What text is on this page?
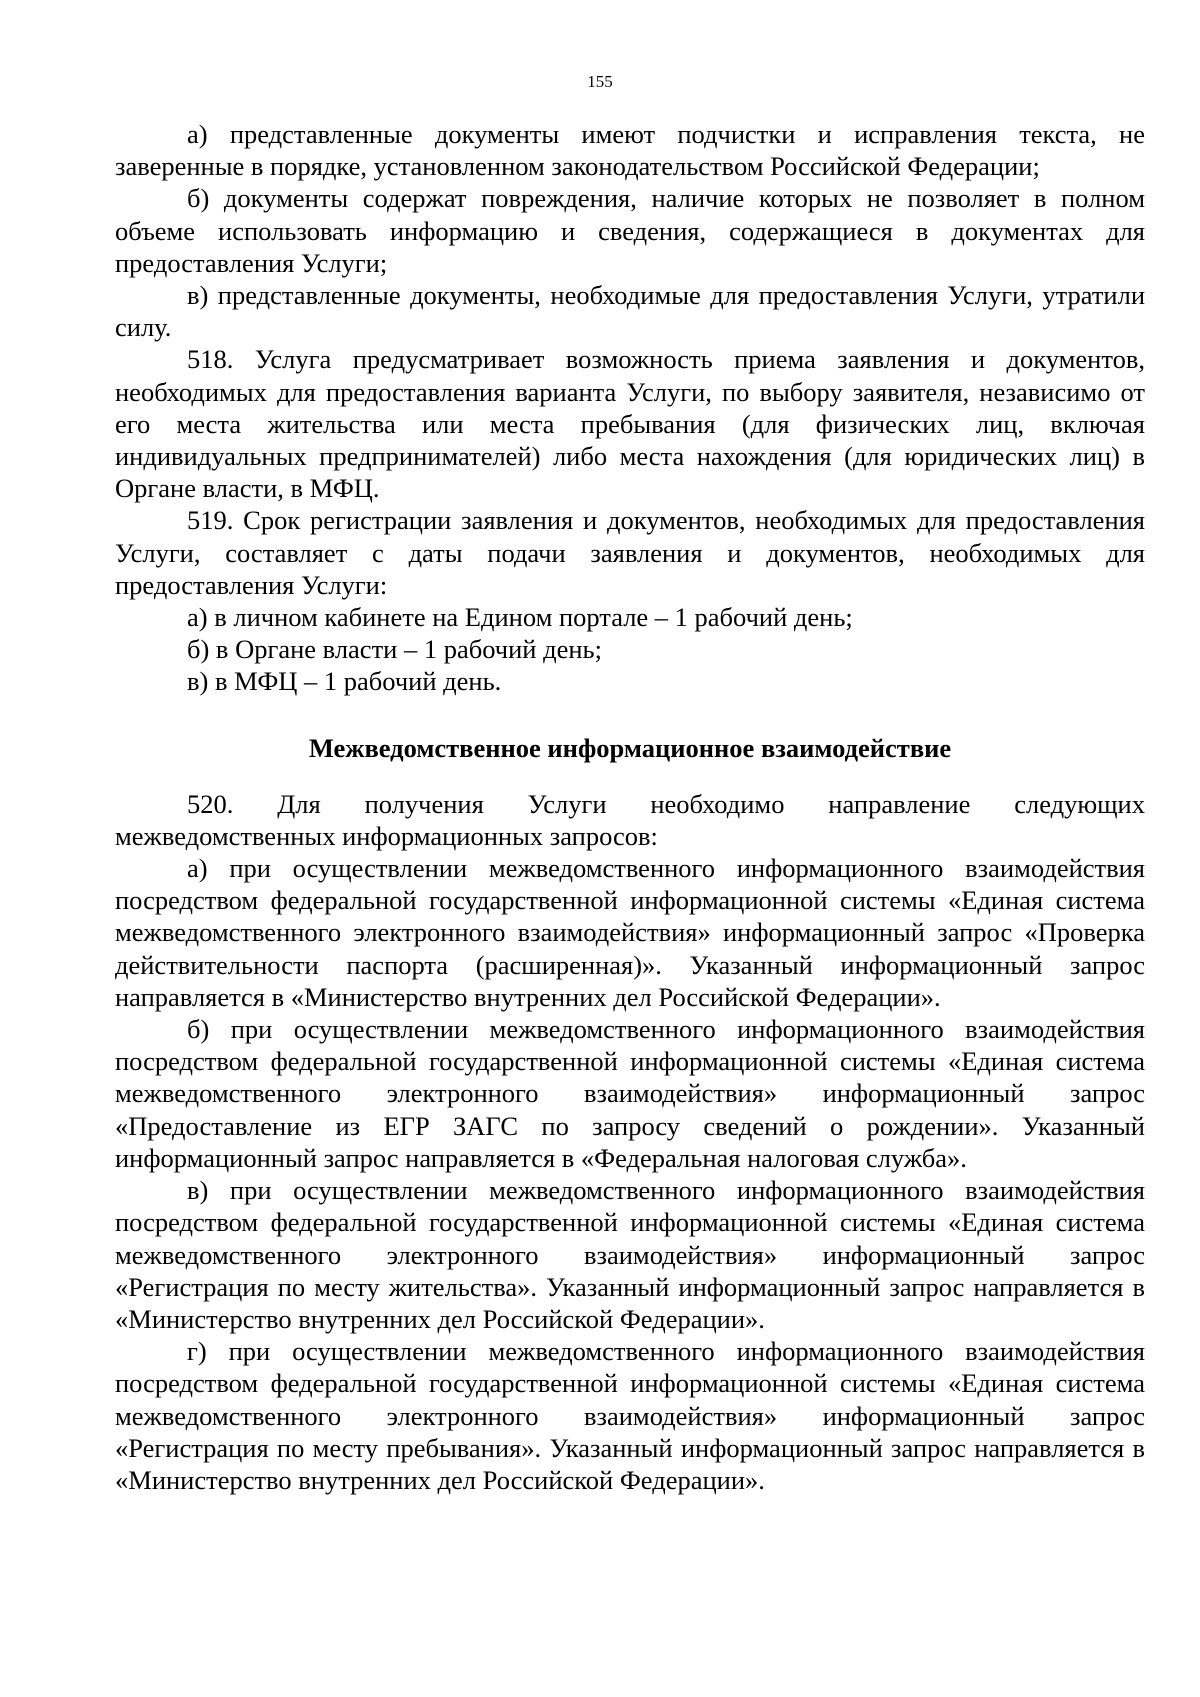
155

а) представленные документы имеют подчистки и исправления текста, не заверенные в порядке, установленном законодательством Российской Федерации;

б) документы содержат повреждения, наличие которых не позволяет в полном объеме использовать информацию и сведения, содержащиеся в документах для предоставления Услуги;

в) представленные документы, необходимые для предоставления Услуги, утратили силу.

518. Услуга предусматривает возможность приема заявления и документов, необходимых для предоставления варианта Услуги, по выбору заявителя, независимо от его места жительства или места пребывания (для физических лиц, включая индивидуальных предпринимателей) либо места нахождения (для юридических лиц) в Органе власти, в МФЦ.

519. Срок регистрации заявления и документов, необходимых для предоставления Услуги, составляет с даты подачи заявления и документов, необходимых для предоставления Услуги:

а) в личном кабинете на Едином портале – 1 рабочий день;

б) в Органе власти – 1 рабочий день;

в) в МФЦ – 1 рабочий день.

Межведомственное информационное взаимодействие

520. Для получения Услуги необходимо направление следующих межведомственных информационных запросов:

а) при осуществлении межведомственного информационного взаимодействия посредством федеральной государственной информационной системы «Единая система межведомственного электронного взаимодействия» информационный запрос «Проверка действительности паспорта (расширенная)». Указанный информационный запрос направляется в «Министерство внутренних дел Российской Федерации».

б) при осуществлении межведомственного информационного взаимодействия посредством федеральной государственной информационной системы «Единая система межведомственного электронного взаимодействия» информационный запрос «Предоставление из ЕГР ЗАГС по запросу сведений о рождении». Указанный информационный запрос направляется в «Федеральная налоговая служба».

в) при осуществлении межведомственного информационного взаимодействия посредством федеральной государственной информационной системы «Единая система межведомственного электронного взаимодействия» информационный запрос «Регистрация по месту жительства». Указанный информационный запрос направляется в «Министерство внутренних дел Российской Федерации».

г) при осуществлении межведомственного информационного взаимодействия посредством федеральной государственной информационной системы «Единая система межведомственного электронного взаимодействия» информационный запрос «Регистрация по месту пребывания». Указанный информационный запрос направляется в «Министерство внутренних дел Российской Федерации».
